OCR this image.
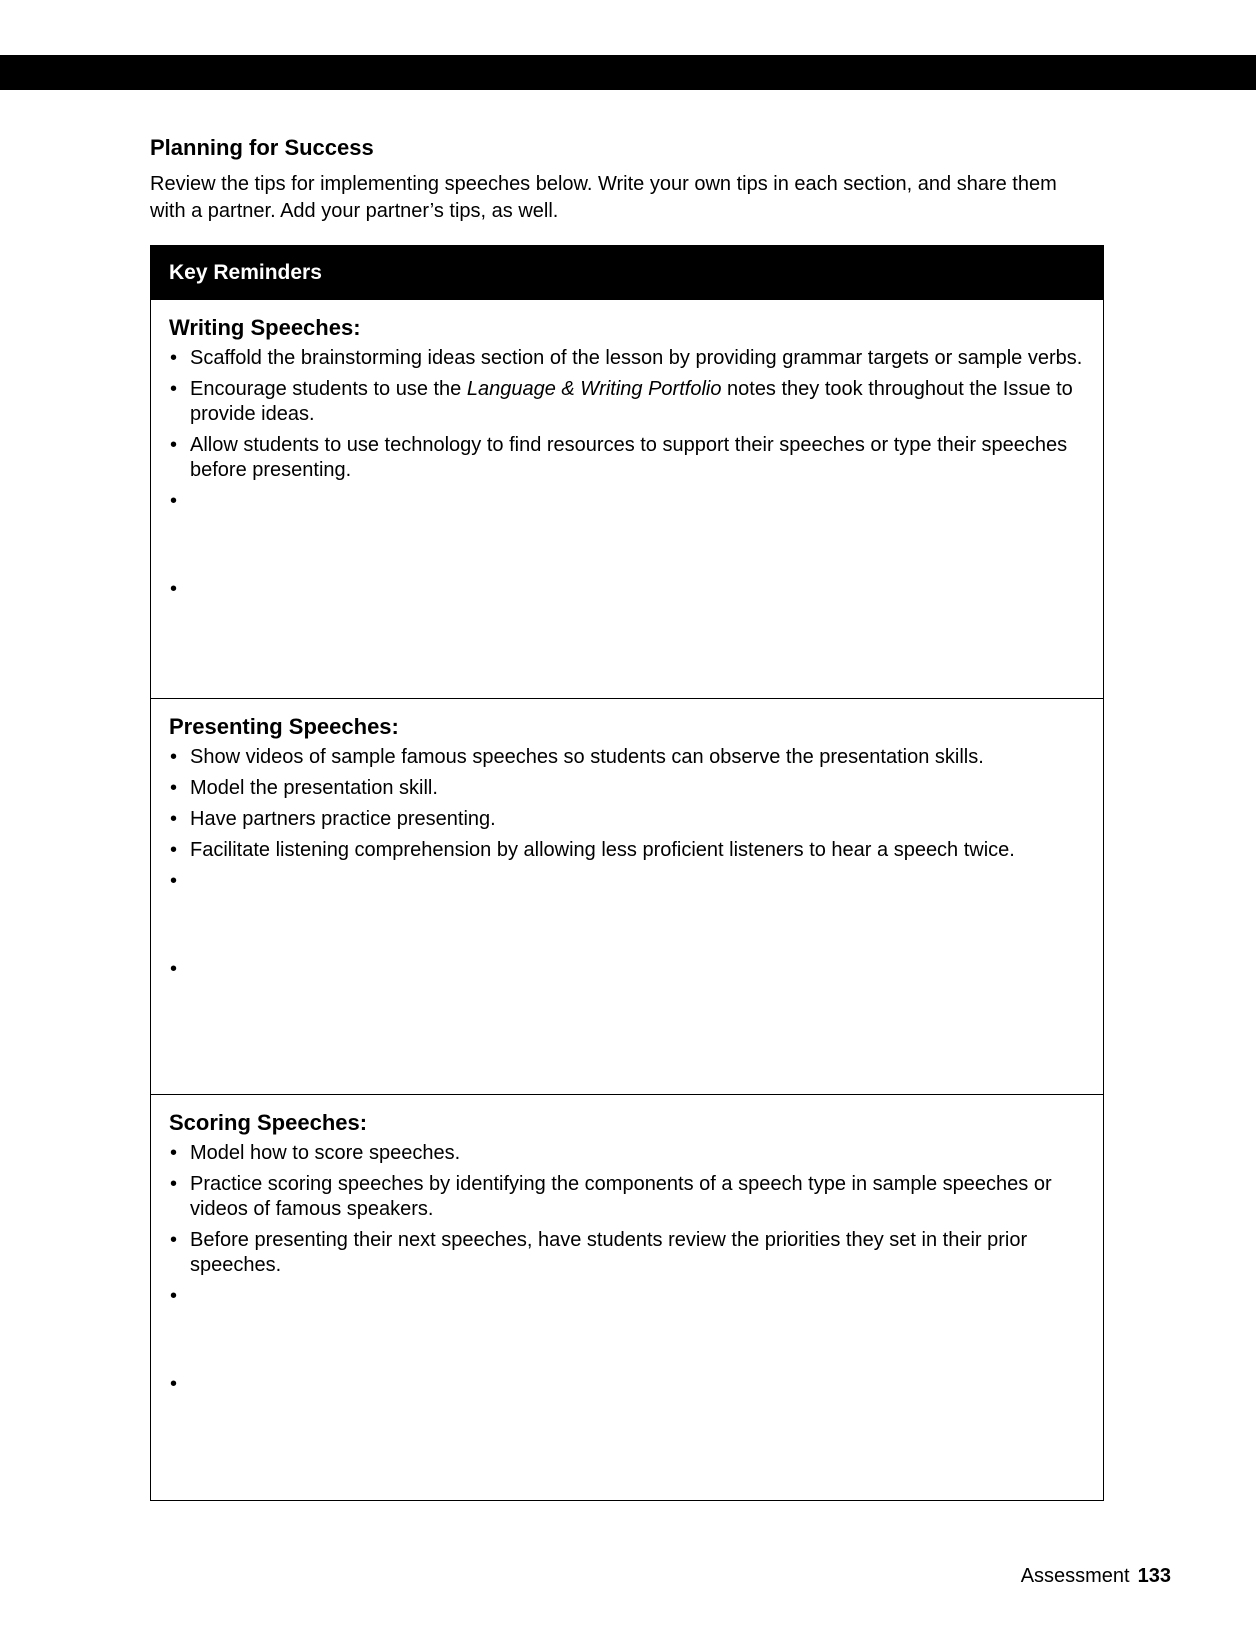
Planning for Success

Review the tips for implementing speeches below. Write your own tips in each section, and share them with a partner. Add your partner’s tips, as well.

Key Reminders
Writing Speeches:
• Scaffold the brainstorming ideas section of the lesson by providing grammar targets or sample verbs.
• Encourage students to use the Language & Writing Portfolio notes they took throughout the Issue to provide ideas.
• Allow students to use technology to find resources to support their speeches or type their speeches before presenting.
•
•
Presenting Speeches:
• Show videos of sample famous speeches so students can observe the presentation skills.
• Model the presentation skill.
• Have partners practice presenting.
• Facilitate listening comprehension by allowing less proficient listeners to hear a speech twice.
•
•
Scoring Speeches:
• Model how to score speeches.
• Practice scoring speeches by identifying the components of a speech type in sample speeches or videos of famous speakers.
• Before presenting their next speeches, have students review the priorities they set in their prior speeches.
•
•
Assessment 133
